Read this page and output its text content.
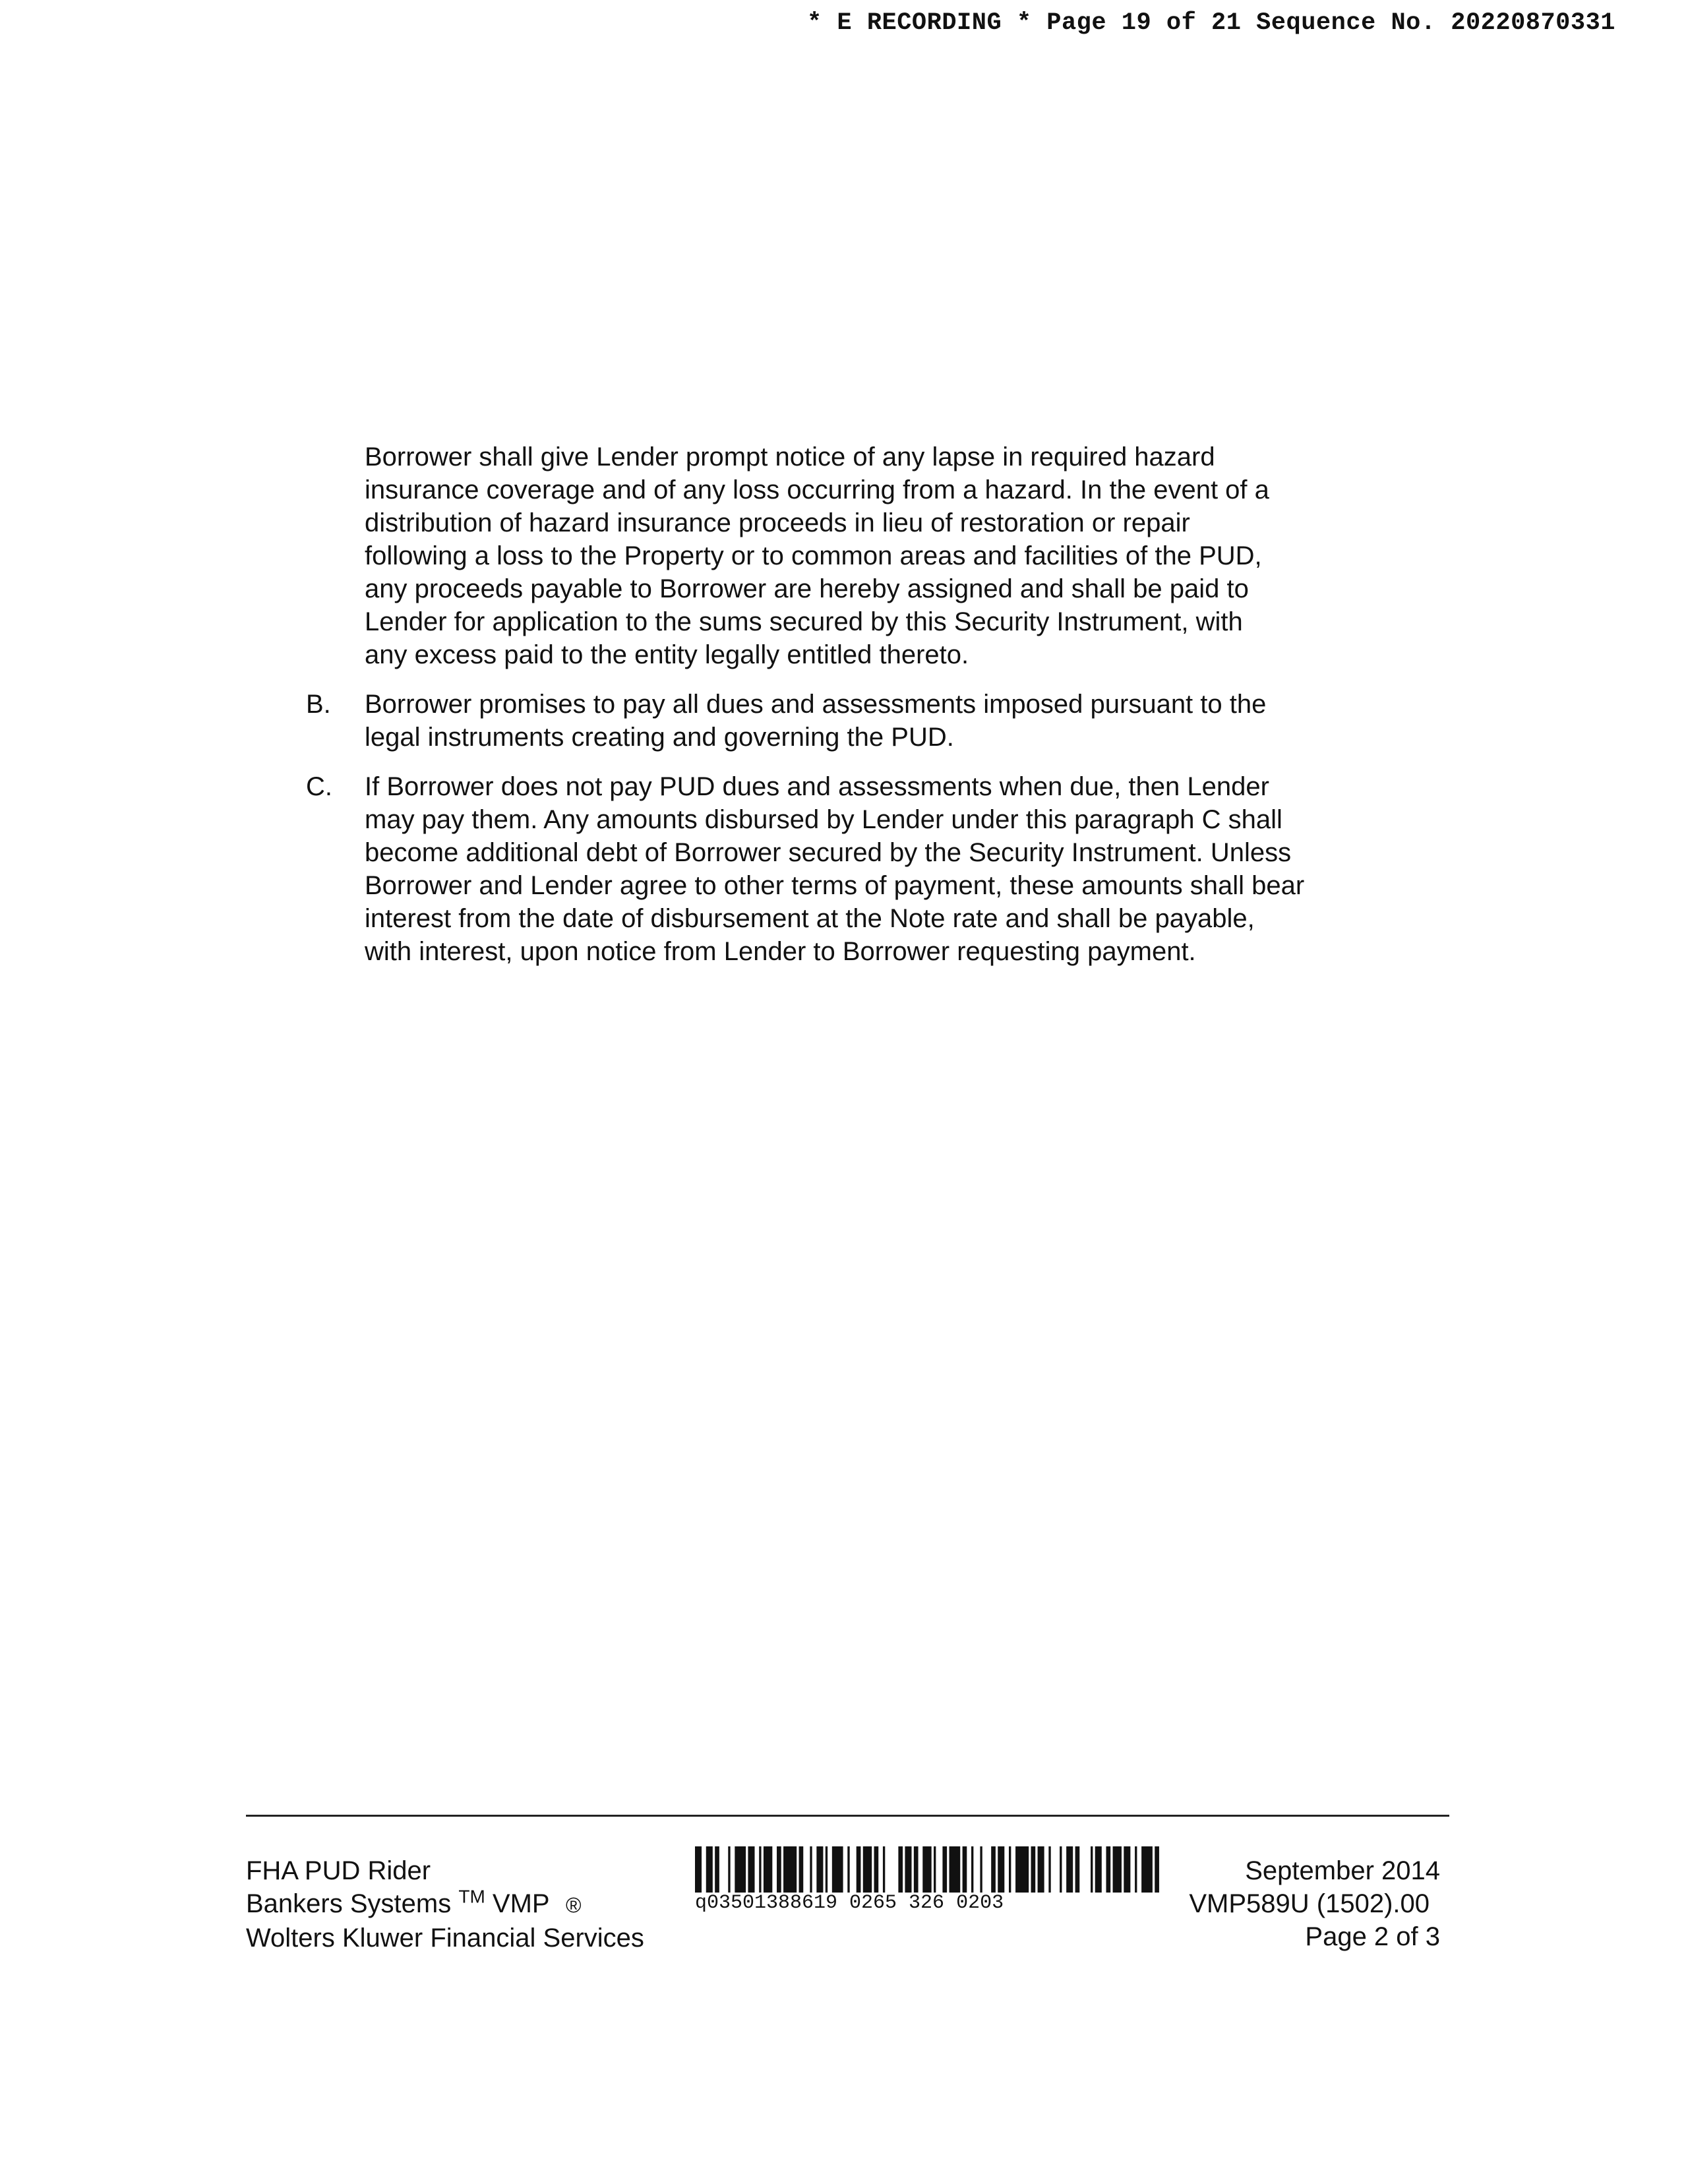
* E RECORDING * Page 19 of 21 Sequence No. 20220870331
Borrower shall give Lender prompt notice of any lapse in required hazard
insurance coverage and of any loss occurring from a hazard. In the event of a
distribution of hazard insurance proceeds in lieu of restoration or repair
following a loss to the Property or to common areas and facilities of the PUD,
any proceeds payable to Borrower are hereby assigned and shall be paid to
Lender for application to the sums secured by this Security Instrument, with
any excess paid to the entity legally entitled thereto.
B. Borrower promises to pay all dues and assessments imposed pursuant to the
legal instruments creating and governing the PUD.
C. If Borrower does not pay PUD dues and assessments when due, then Lender
may pay them. Any amounts disbursed by Lender under this paragraph C shall
become additional debt of Borrower secured by the Security Instrument. Unless
Borrower and Lender agree to other terms of payment, these amounts shall bear
interest from the date of disbursement at the Note rate and shall be payable,
with interest, upon notice from Lender to Borrower requesting payment.
FHA PUD Rider
Bankers Systems ™ VMP ®
Wolters Kluwer Financial Services
q03501388619 0265 326 0203
September 2014
VMP589U (1502).00
Page 2 of 3
